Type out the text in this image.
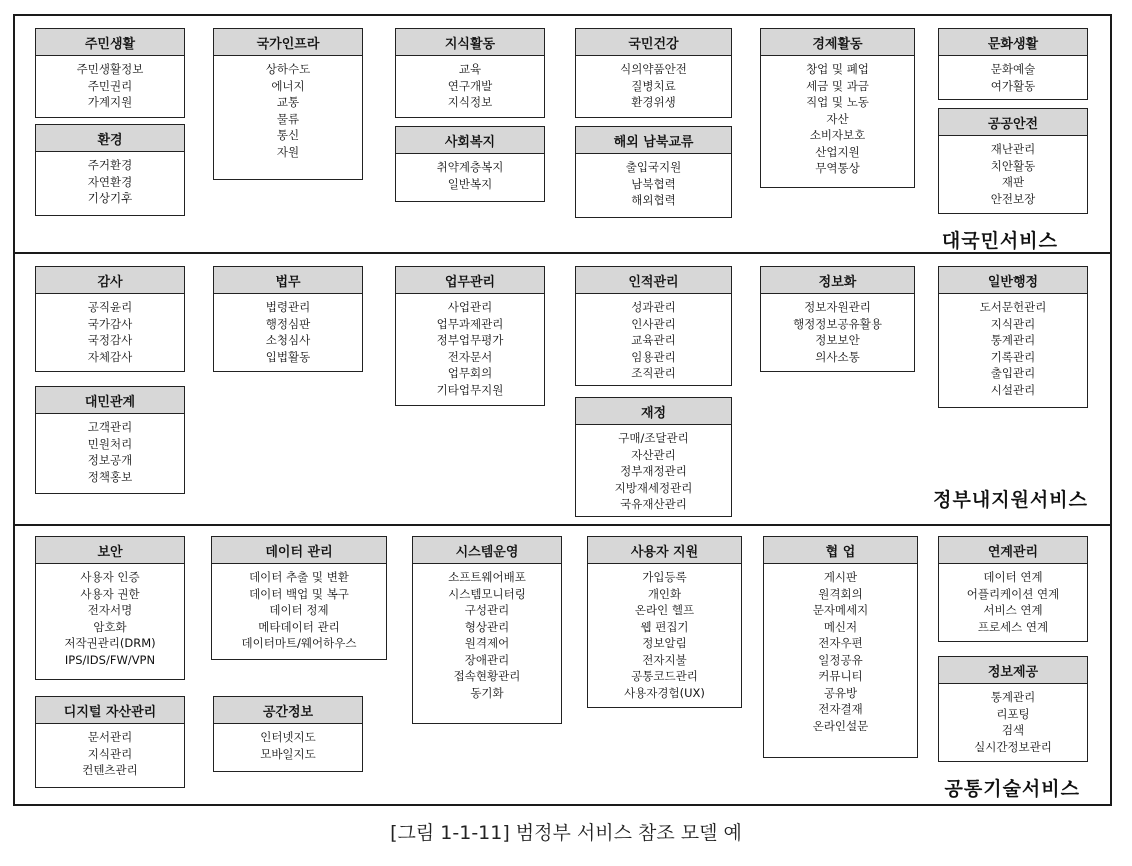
대국민서비스
정부내지원서비스
공통기술서비스
주민생활
주민생활정보
주민권리
가계지원
환경
주거환경
자연환경
기상기후
국가인프라
상하수도
에너지
교통
물류
통신
자원
지식활동
교육
연구개발
지식정보
사회복지
취약계층복지
일반복지
국민건강
식의약품안전
질병치료
환경위생
해외 남북교류
출입국지원
남북협력
해외협력
경제활동
창업 및 폐업
세금 및 과금
직업 및 노동
자산
소비자보호
산업지원
무역통상
문화생활
문화예술
여가활동
공공안전
재난관리
치안활동
재판
안전보장
감사
공직윤리
국가감사
국정감사
자체감사
대민관계
고객관리
민원처리
정보공개
정책홍보
법무
법령관리
행정심판
소청심사
입법활동
업무관리
사업관리
업무과제관리
정부업무평가
전자문서
업무회의
기타업무지원
인적관리
성과관리
인사관리
교육관리
임용관리
조직관리
재정
구매/조달관리
자산관리
정부재정관리
지방재세정관리
국유재산관리
정보화
정보자원관리
행정정보공유활용
정보보안
의사소통
일반행정
도서문헌관리
지식관리
통계관리
기록관리
출입관리
시설관리
보안
사용자 인증
사용자 권한
전자서명
암호화
저작권관리(DRM)
IPS/IDS/FW/VPN
디지털 자산관리
문서관리
지식관리
컨텐츠관리
데이터 관리
데이터 추출 및 변환
데이터 백업 및 복구
데이터 정제
메타데이터 관리
데이터마트/웨어하우스
공간정보
인터넷지도
모바일지도
시스템운영
소프트웨어배포
시스템모니터링
구성관리
형상관리
원격제어
장애관리
접속현황관리
동기화
사용자 지원
가입등록
개인화
온라인 헬프
웹 편집기
정보알림
전자지불
공통코드관리
사용자경험(UX)
협 업
게시판
원격회의
문자메세지
메신저
전자우편
일정공유
커뮤니티
공유방
전자결재
온라인설문
연계관리
데이터 연계
어플리케이션 연계
서비스 연계
프로세스 연계
정보제공
통계관리
리포팅
검색
실시간정보관리
[그림 1-1-11] 범정부 서비스 참조 모델 예
